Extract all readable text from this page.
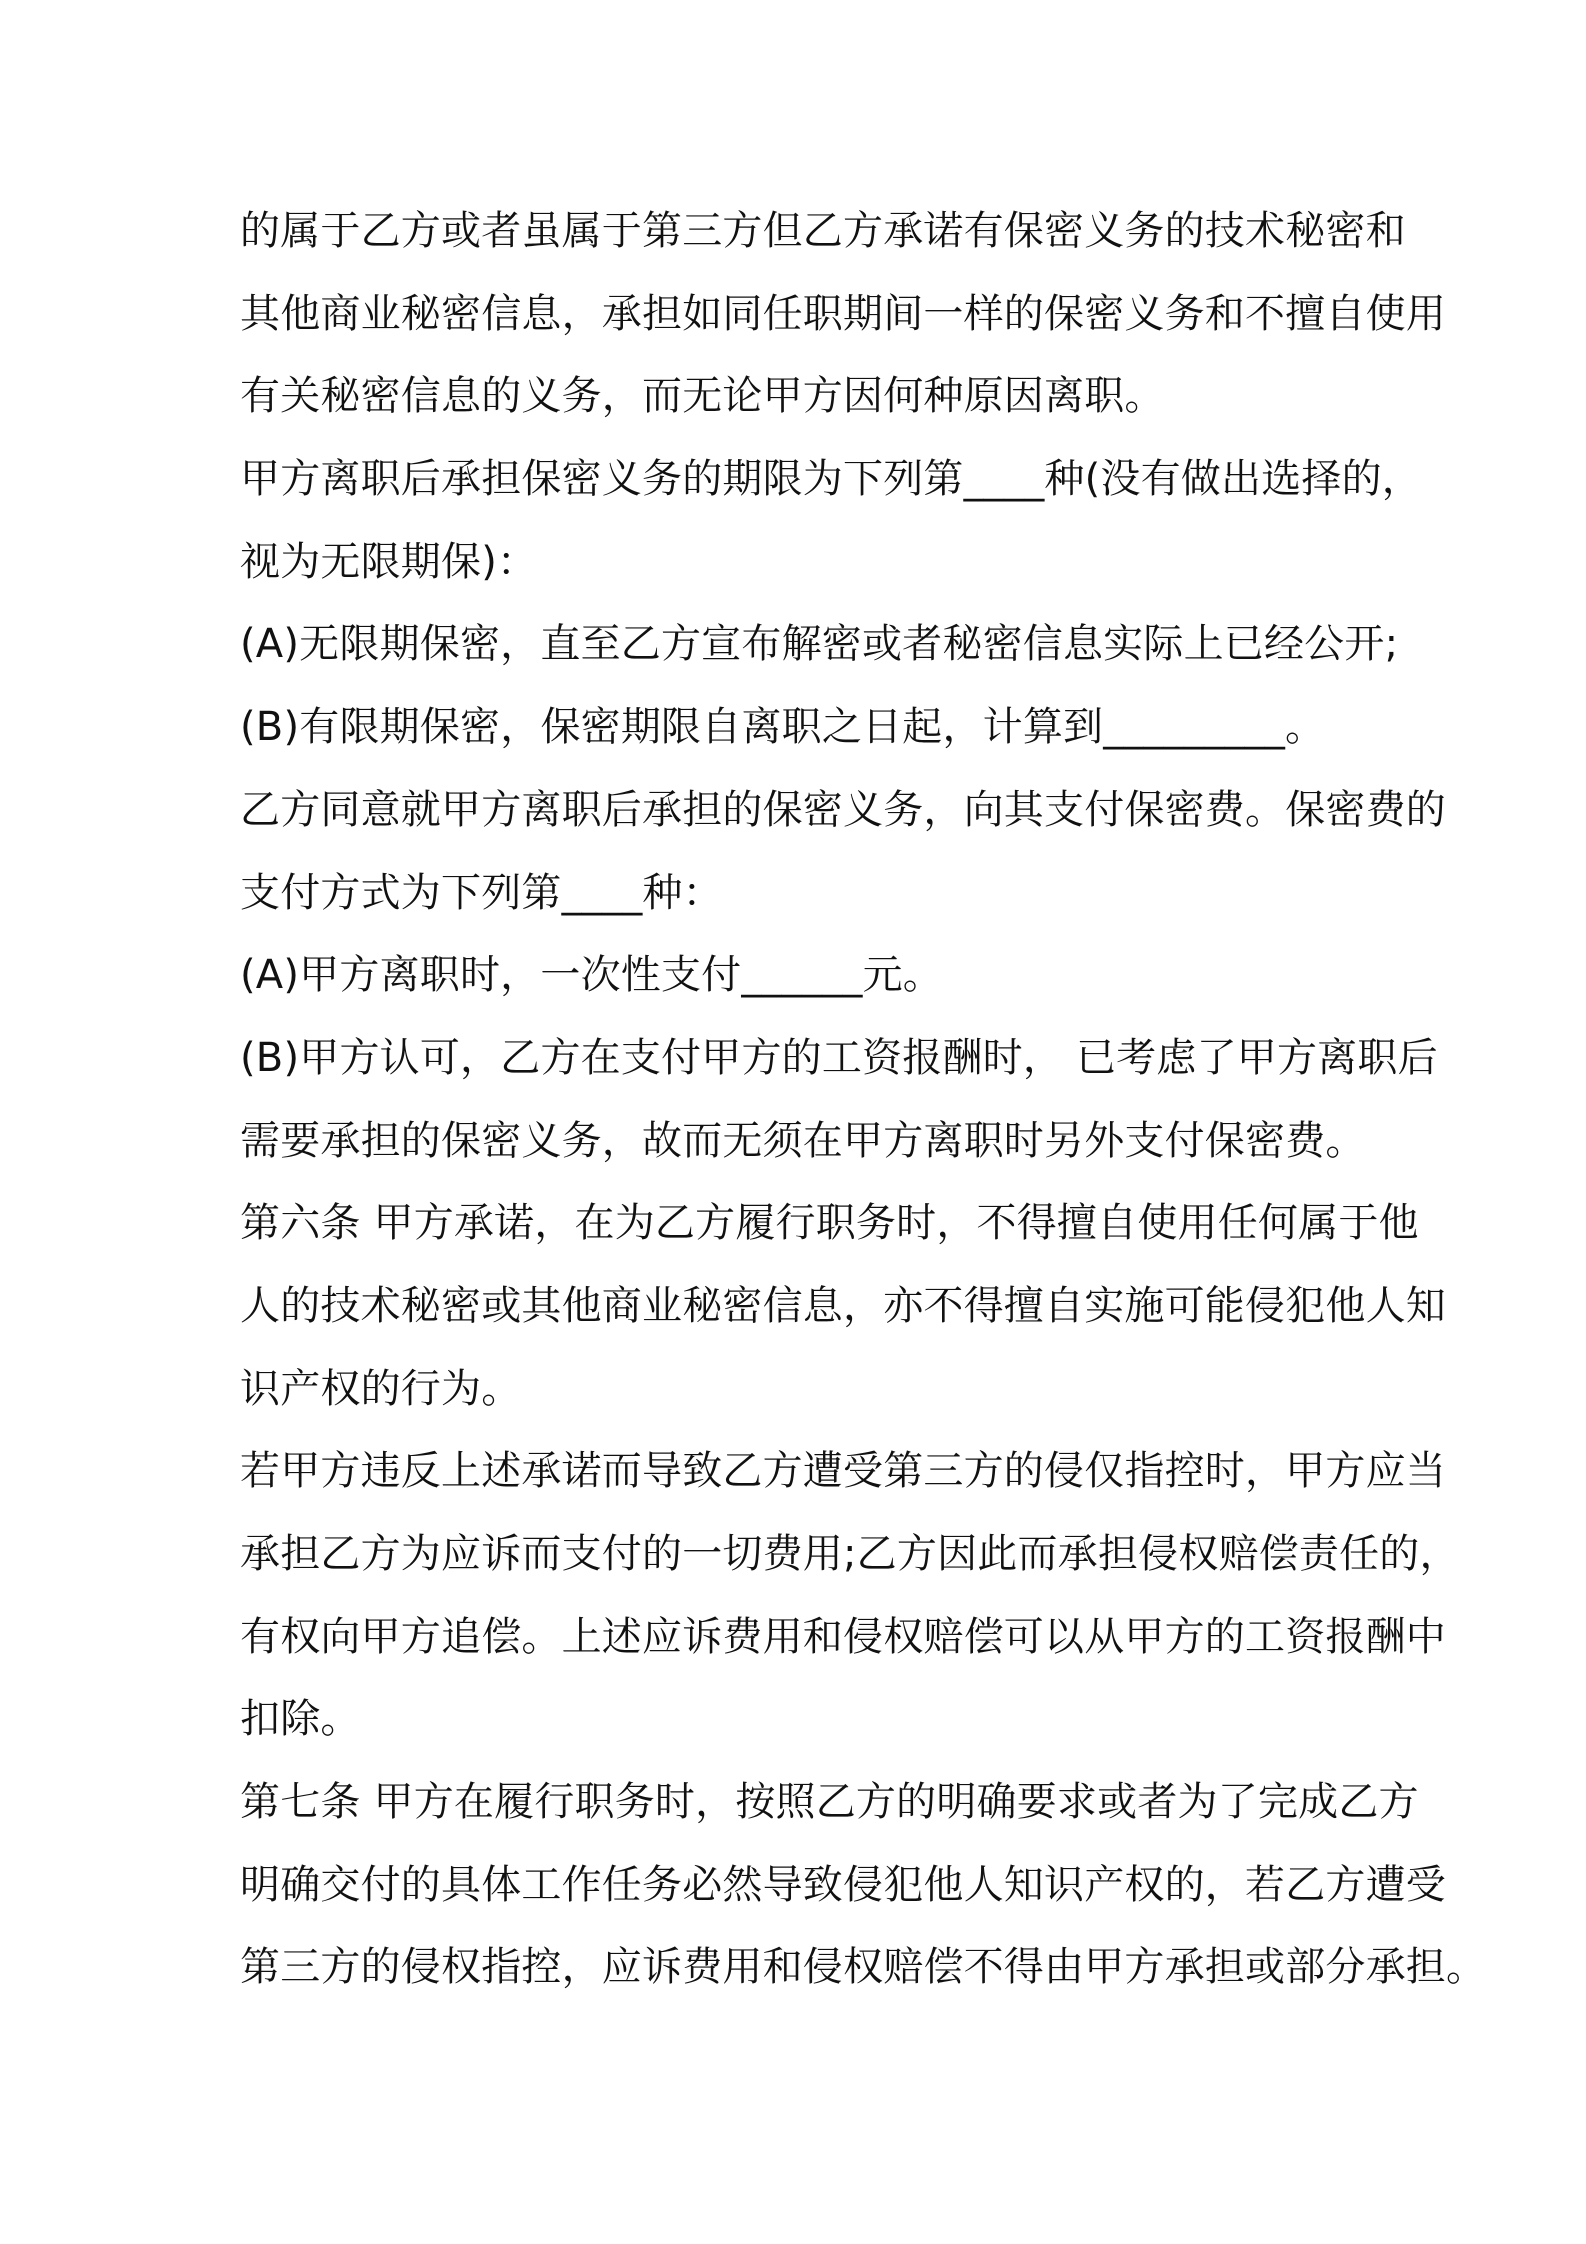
的属于乙方或者虽属于第三方但乙方承诺有保密义务的技术秘密和
其他商业秘密信息，承担如同任职期间一样的保密义务和不擅自使用
有关秘密信息的义务，而无论甲方因何种原因离职。
甲方离职后承担保密义务的期限为下列第____种(没有做出选择的，
视为无限期保)：
(A)无限期保密，直至乙方宣布解密或者秘密信息实际上已经公开;
(B)有限期保密，保密期限自离职之日起，计算到_________。
乙方同意就甲方离职后承担的保密义务，向其支付保密费。保密费的
支付方式为下列第____种：
(A)甲方离职时，一次性支付______元。
(B)甲方认可，乙方在支付甲方的工资报酬时， 已考虑了甲方离职后
需要承担的保密义务，故而无须在甲方离职时另外支付保密费。
第六条 甲方承诺，在为乙方履行职务时，不得擅自使用任何属于他
人的技术秘密或其他商业秘密信息，亦不得擅自实施可能侵犯他人知
识产权的行为。
若甲方违反上述承诺而导致乙方遭受第三方的侵仅指控时，甲方应当
承担乙方为应诉而支付的一切费用;乙方因此而承担侵权赔偿责任的，
有权向甲方追偿。上述应诉费用和侵权赔偿可以从甲方的工资报酬中
扣除。
第七条 甲方在履行职务时，按照乙方的明确要求或者为了完成乙方
明确交付的具体工作任务必然导致侵犯他人知识产权的，若乙方遭受
第三方的侵权指控，应诉费用和侵权赔偿不得由甲方承担或部分承担。
